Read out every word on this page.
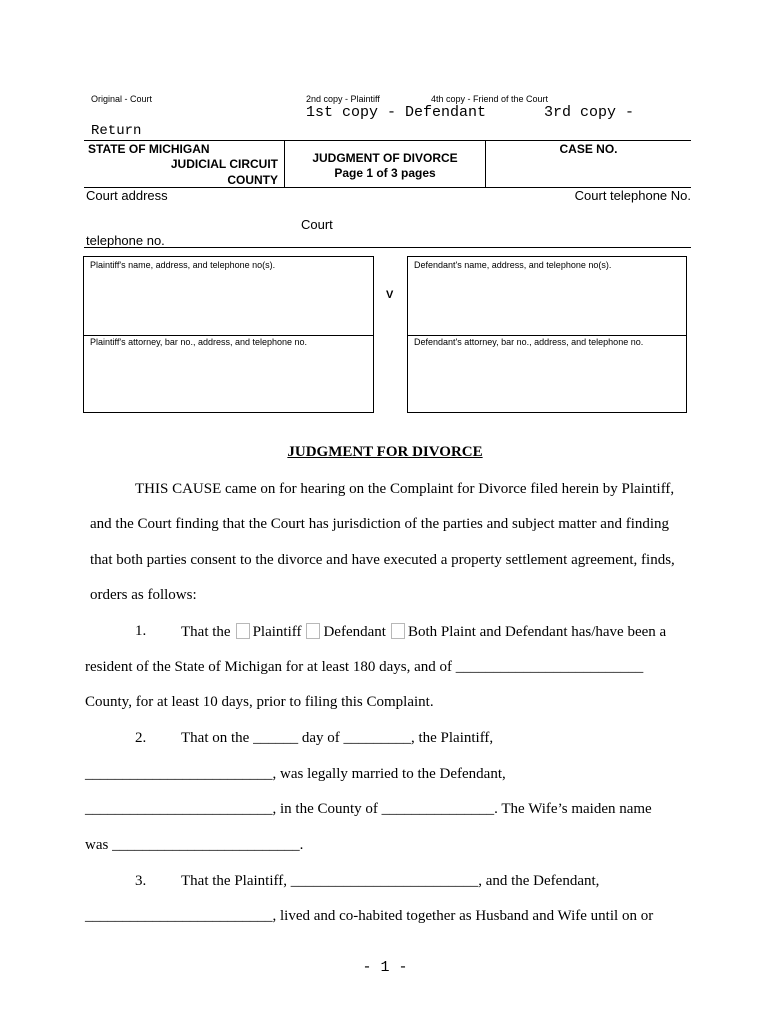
Original - Court	2nd copy - Plaintiff	4th copy - Friend of the Court
1st copy - Defendant	3rd copy -
Return
STATE OF MICHIGAN
JUDICIAL CIRCUIT
COUNTY
JUDGMENT OF DIVORCE
Page 1 of 3 pages
CASE NO.
Court address	Court telephone No.
Court
telephone no.
Plaintiff's name, address, and telephone no(s).
Plaintiff's attorney, bar no., address, and telephone no.
V
Defendant's name, address, and telephone no(s).
Defendant's attorney, bar no., address, and telephone no.
JUDGMENT FOR DIVORCE
THIS CAUSE came on for hearing on the Complaint for Divorce filed herein by Plaintiff,
and the Court finding that the Court has jurisdiction of the parties and subject matter and finding
that both parties consent to the divorce and have executed a property settlement agreement, finds,
orders as follows:
1. That the Plaintiff Defendant Both Plaint and Defendant has/have been a
resident of the State of Michigan for at least 180 days, and of _________________________
County, for at least 10 days, prior to filing this Complaint.
2. That on the ______ day of _________, the Plaintiff,
_________________________, was legally married to the Defendant,
_________________________, in the County of _______________. The Wife’s maiden name
was _________________________.
3. That the Plaintiff, _________________________, and the Defendant,
_________________________, lived and co-habited together as Husband and Wife until on or
- 1 -
